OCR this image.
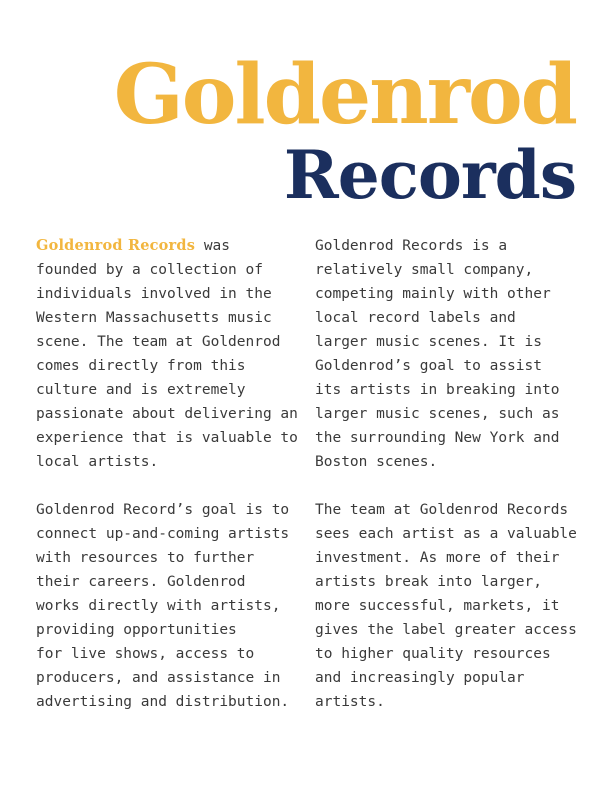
Goldenrod
Records
Goldenrod Records was
founded by a collection of
individuals involved in the
Western Massachusetts music
scene. The team at Goldenrod
comes directly from this
culture and is extremely
passionate about delivering an
experience that is valuable to
local artists.
Goldenrod Record’s goal is to
connect up-and-coming artists
with resources to further
their careers. Goldenrod
works directly with artists,
providing opportunities
for live shows, access to
producers, and assistance in
advertising and distribution.
Goldenrod Records is a
relatively small company,
competing mainly with other
local record labels and
larger music scenes. It is
Goldenrod’s goal to assist
its artists in breaking into
larger music scenes, such as
the surrounding New York and
Boston scenes.
The team at Goldenrod Records
sees each artist as a valuable
investment. As more of their
artists break into larger,
more successful, markets, it
gives the label greater access
to higher quality resources
and increasingly popular
artists.
